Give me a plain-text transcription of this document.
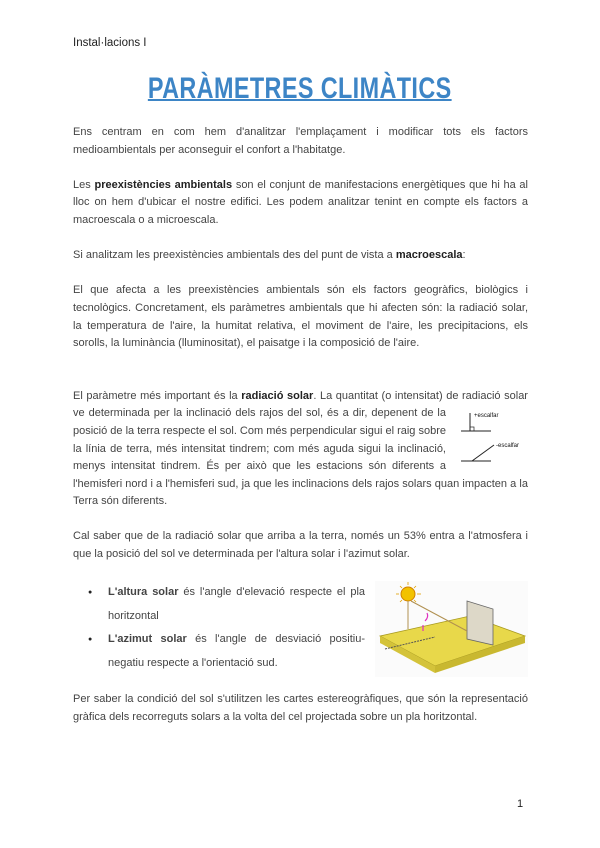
Instal·lacions I
PARÀMETRES CLIMÀTICS

Ens centram en com hem d'analitzar l'emplaçament i modificar tots els factors medioambientals per aconseguir el confort a l'habitatge.

Les preexistències ambientals son el conjunt de manifestacions energètiques que hi ha al lloc on hem d'ubicar el nostre edifici. Les podem analitzar tenint en compte els factors a macroescala o a microescala.

Si analitzam les preexistències ambientals des del punt de vista a macroescala:

El que afecta a les preexistències ambientals són els factors geogràfics, biològics i tecnològics. Concretament, els paràmetres ambientals que hi afecten són: la radiació solar, la temperatura de l'aire, la humitat relativa, el moviment de l'aire, les precipitacions, els sorolls, la luminància (lluminositat), el paisatge i la composició de l'aire.

El paràmetre més important és la radiació solar. La quantitat (o intensitat) de radiació solar ve determinada per la inclinació dels rajos del sol, és a dir, depenent de la	+escalfar
-escalfar
posició de la terra respecte el sol. Com més perpendicular sigui el raig sobre la línia de terra, més intensitat tindrem; com més aguda sigui la inclinació, menys intensitat tindrem. És per això que les estacions són diferents a l'hemisferi nord i a l'hemisferi sud, ja que les inclinacions dels rajos solars quan impacten a la Terra són diferents.

Cal saber que de la radiació solar que arriba a la terra, només un 53% entra a l'atmosfera i que la posició del sol ve determinada per l'altura solar i l'azimut solar.

● L'altura solar és l'angle d'elevació respecte el pla horitzontal
● L'azimut solar és l'angle de desviació positiu-negatiu respecte a l'orientació sud.

Per saber la condició del sol s'utilitzen les cartes estereogràfiques, que són la representació gràfica dels recorreguts solars a la volta del cel projectada sobre un pla horitzontal.

1
